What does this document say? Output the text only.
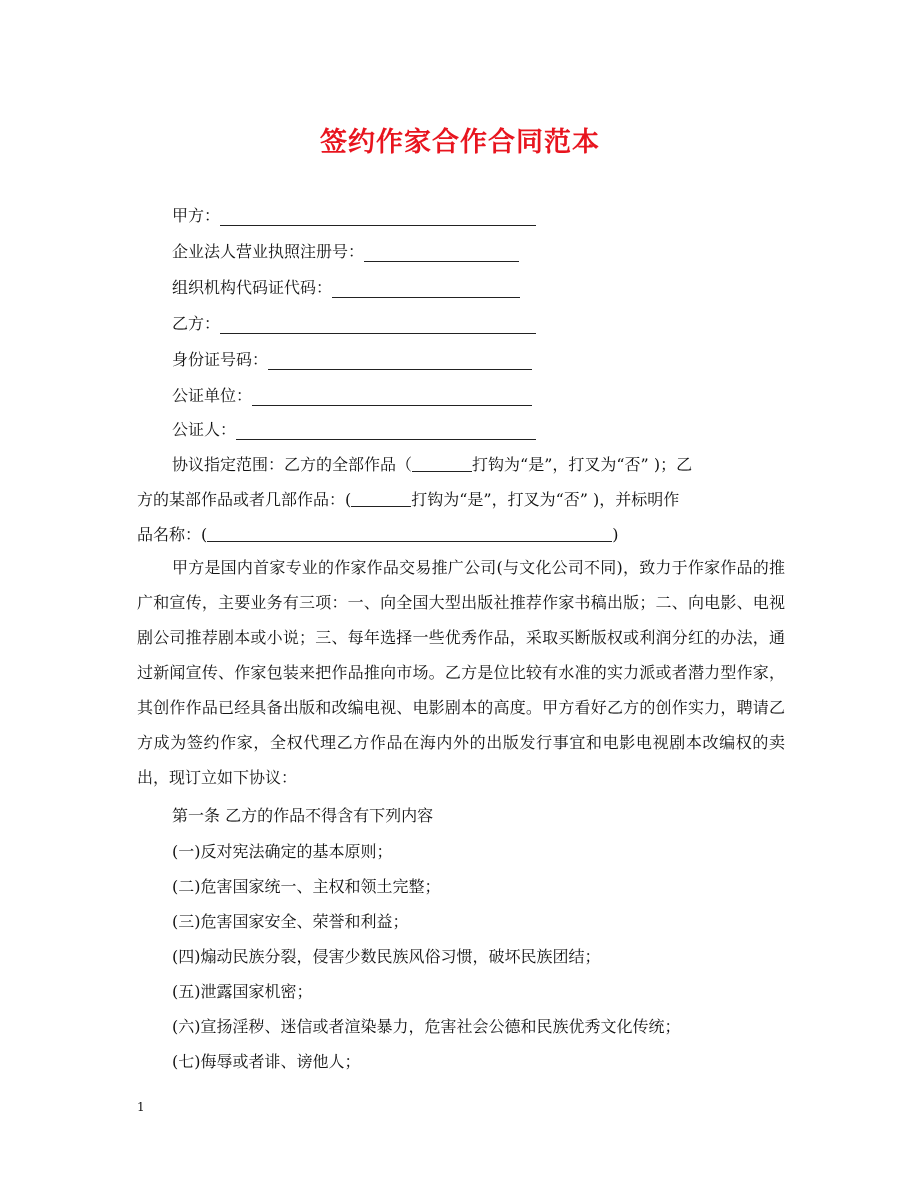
签约作家合作合同范本
甲方：
企业法人营业执照注册号：
组织机构代码证代码：
乙方：
身份证号码：
公证单位：
公证人：
协议指定范围：乙方的全部作品（	打钩为“是”，打叉为“否” )；乙
方的某部作品或者几部作品：(	打钩为“是”，打叉为“否” )，并标明作
品名称：(	)

甲方是国内首家专业的作家作品交易推广公司(与文化公司不同)，致力于作家作品的推广和宣传，主要业务有三项：一、向全国大型出版社推荐作家书稿出版；二、向电影、电视剧公司推荐剧本或小说；三、每年选择一些优秀作品，采取买断版权或利润分红的办法，通过新闻宣传、作家包装来把作品推向市场。乙方是位比较有水准的实力派或者潜力型作家，其创作作品已经具备出版和改编电视、电影剧本的高度。甲方看好乙方的创作实力，聘请乙方成为签约作家，全权代理乙方作品在海内外的出版发行事宜和电影电视剧本改编权的卖出，现订立如下协议：

第一条 乙方的作品不得含有下列内容
(一)反对宪法确定的基本原则；
(二)危害国家统一、主权和领土完整；
(三)危害国家安全、荣誉和利益；
(四)煽动民族分裂，侵害少数民族风俗习惯，破坏民族团结；
(五)泄露国家机密；
(六)宣扬淫秽、迷信或者渲染暴力，危害社会公德和民族优秀文化传统；
(七)侮辱或者诽、谤他人；
1
